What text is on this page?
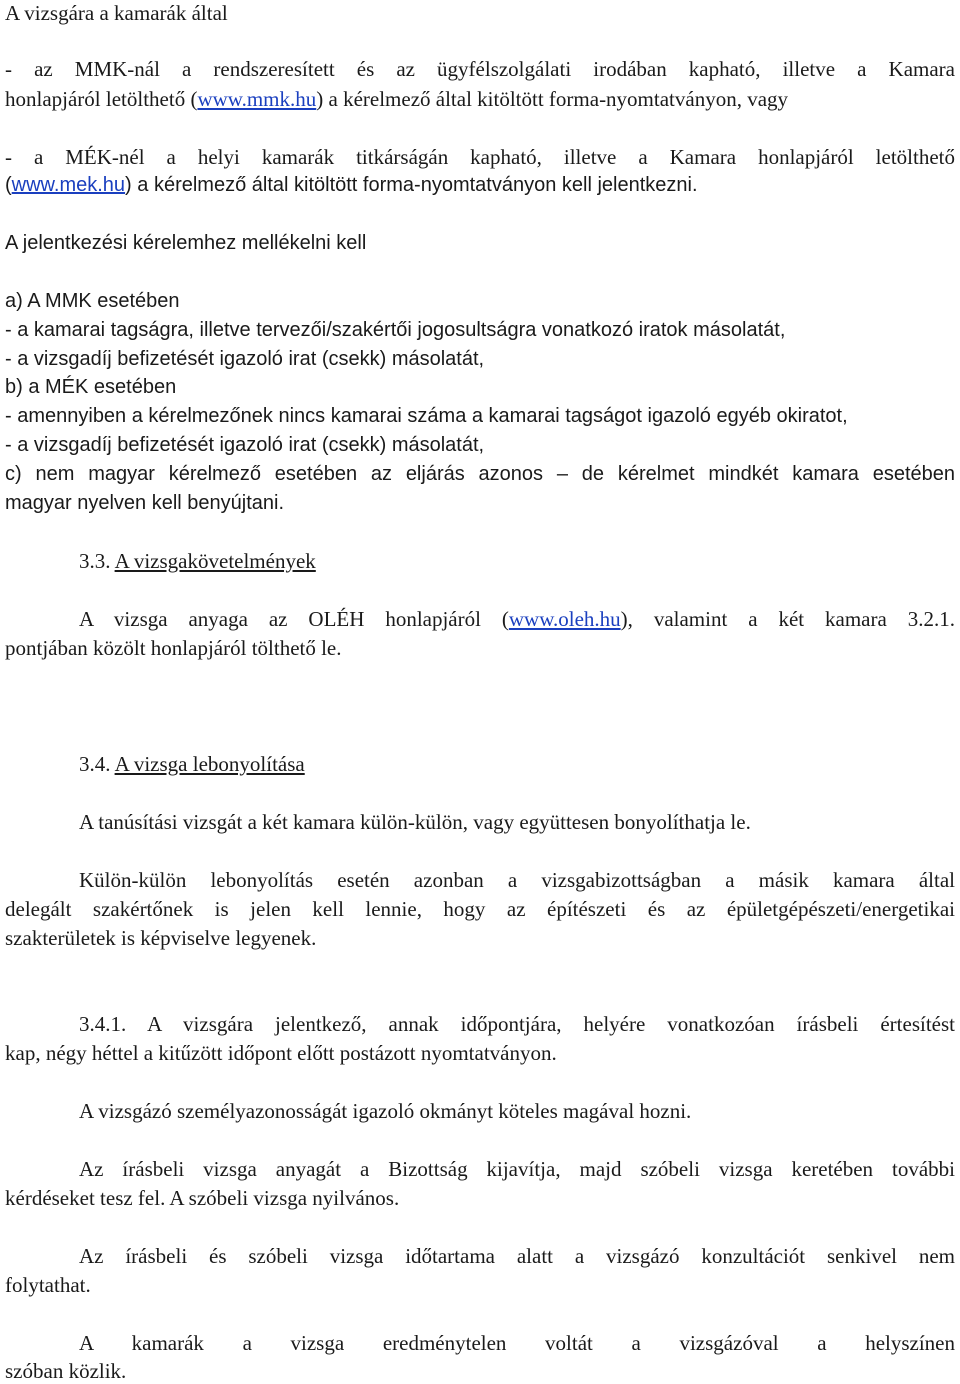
A vizsgára a kamarák által
- az MMK-nál a rendszeresített és az ügyfélszolgálati irodában kapható, illetve a Kamara
honlapjáról letölthető (www.mmk.hu) a kérelmező által kitöltött forma-nyomtatványon, vagy
- a MÉK-nél a helyi kamarák titkárságán kapható, illetve a Kamara honlapjáról letölthető
(www.mek.hu) a kérelmező által kitöltött forma-nyomtatványon kell jelentkezni.
A jelentkezési kérelemhez mellékelni kell
a) A MMK esetében
- a kamarai tagságra, illetve tervezői/szakértői jogosultságra vonatkozó iratok másolatát,
- a vizsgadíj befizetését igazoló irat (csekk) másolatát,
b) a MÉK esetében
- amennyiben a kérelmezőnek nincs kamarai száma a kamarai tagságot igazoló egyéb okiratot,
- a vizsgadíj befizetését igazoló irat (csekk) másolatát,
c) nem magyar kérelmező esetében az eljárás azonos – de kérelmet mindkét kamara esetében
magyar nyelven kell benyújtani.
3.3. A vizsgakövetelmények
A vizsga anyaga az OLÉH honlapjáról (www.oleh.hu), valamint a két kamara 3.2.1.
pontjában közölt honlapjáról tölthető le.
3.4. A vizsga lebonyolítása
A tanúsítási vizsgát a két kamara külön-külön, vagy együttesen bonyolíthatja le.
Külön-külön lebonyolítás esetén azonban a vizsgabizottságban a másik kamara által
delegált szakértőnek is jelen kell lennie, hogy az építészeti és az épületgépészeti/energetikai
szakterületek is képviselve legyenek.
3.4.1. A vizsgára jelentkező, annak időpontjára, helyére vonatkozóan írásbeli értesítést
kap, négy héttel a kitűzött időpont előtt postázott nyomtatványon.
A vizsgázó személyazonosságát igazoló okmányt köteles magával hozni.
Az írásbeli vizsga anyagát a Bizottság kijavítja, majd szóbeli vizsga keretében további
kérdéseket tesz fel. A szóbeli vizsga nyilvános.
Az írásbeli és szóbeli vizsga időtartama alatt a vizsgázó konzultációt senkivel nem
folytathat.
A kamarák a vizsga eredménytelen voltát a vizsgázóval a helyszínen
szóban közlik.
